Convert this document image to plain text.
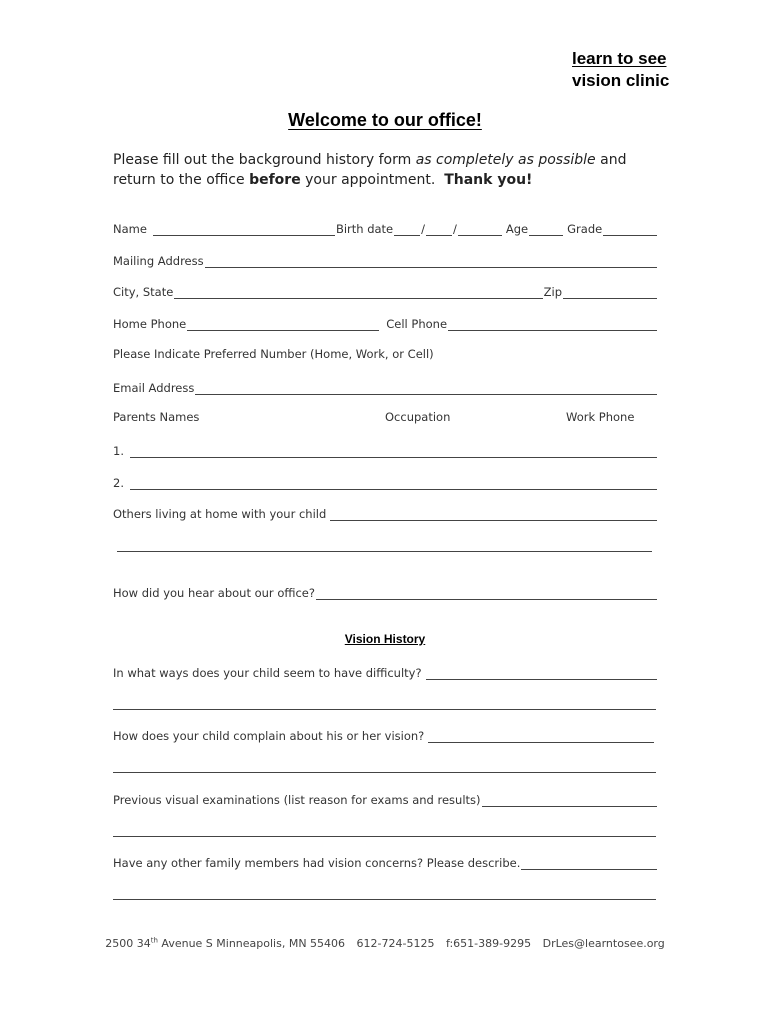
learn to see
vision clinic
Welcome to our office!
Please fill out the background history form as completely as possible and
return to the office before your appointment. Thank you!
Name	Birth date / /	Age	Grade
Mailing Address
City, State	Zip
Home Phone	Cell Phone
Please Indicate Preferred Number (Home, Work, or Cell)
Email Address
Parents Names	Occupation	Work Phone
1.
2.
Others living at home with your child
How did you hear about our office?
Vision History
In what ways does your child seem to have difficulty?
How does your child complain about his or her vision?
Previous visual examinations (list reason for exams and results)
Have any other family members had vision concerns? Please describe.
2500 34th Avenue S Minneapolis, MN 55406 612-724-5125 f:651-389-9295 DrLes@learntosee.org
